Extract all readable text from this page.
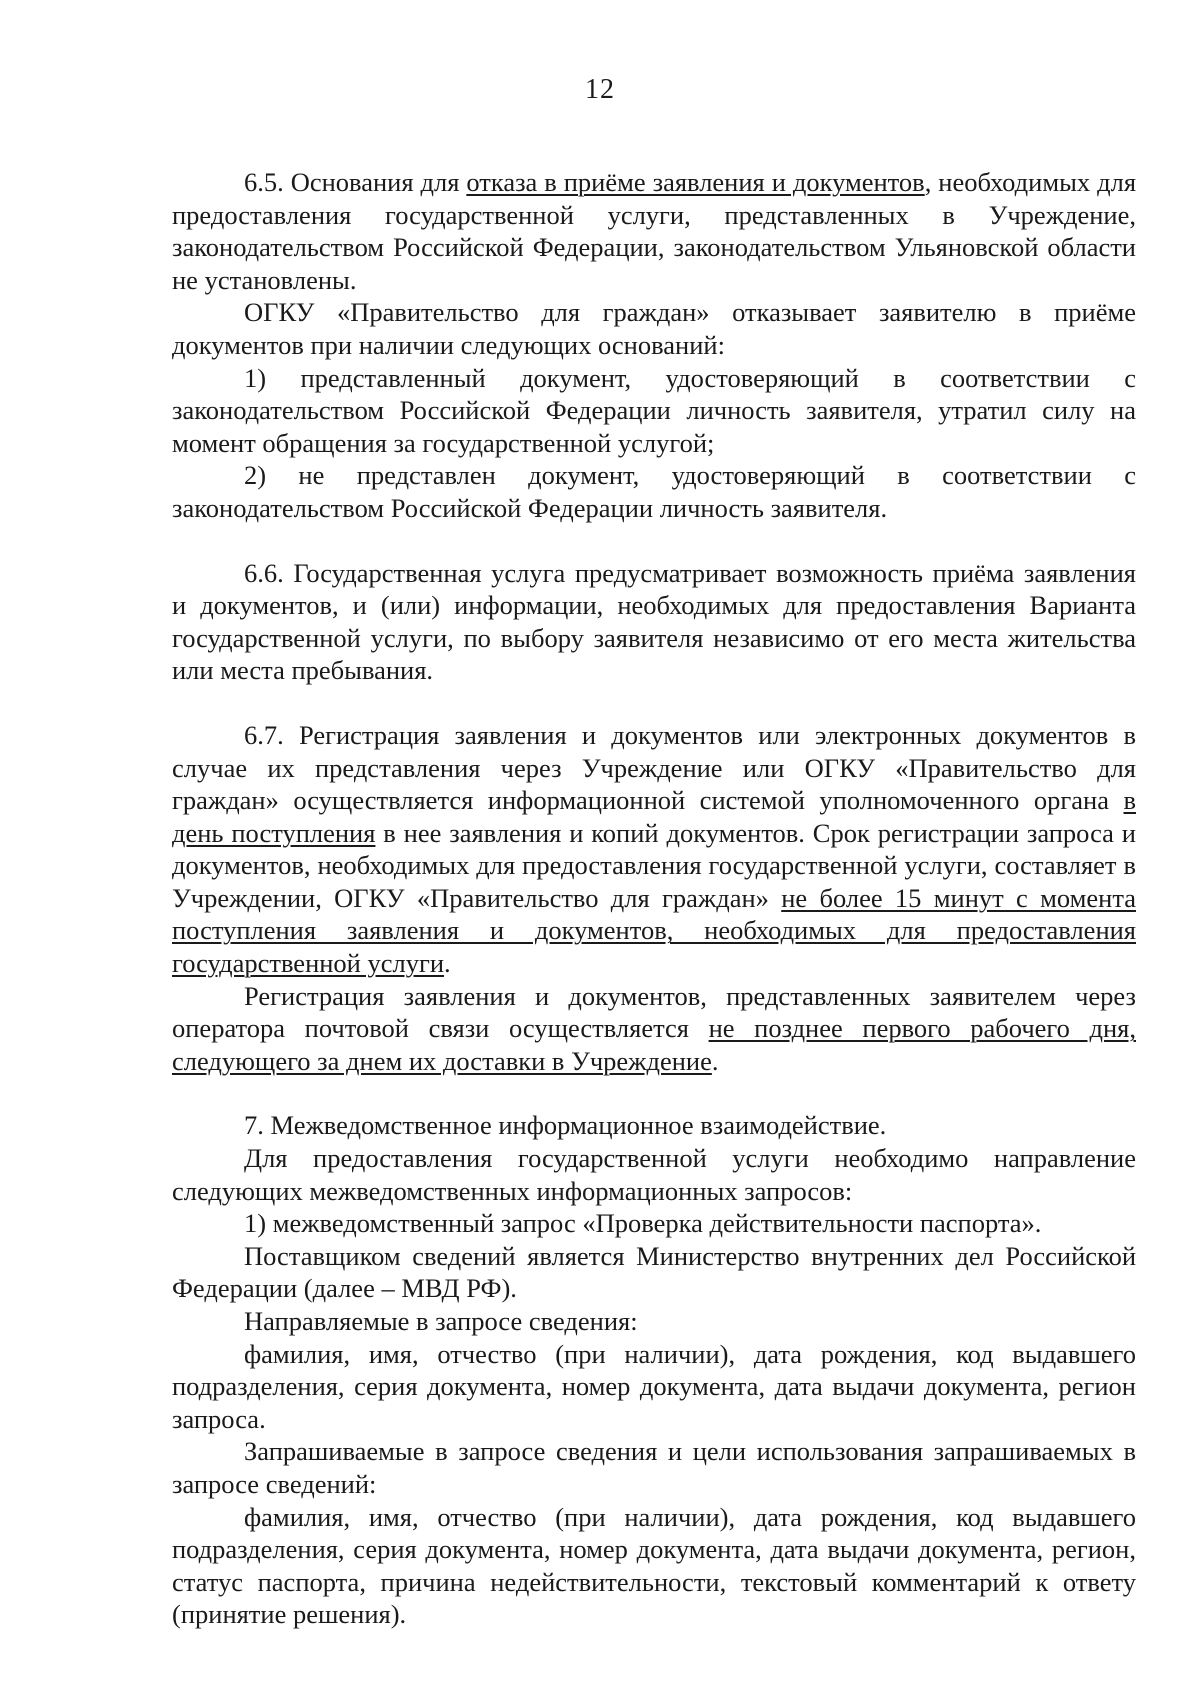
12

6.5. Основания для отказа в приёме заявления и документов, необходимых для предоставления государственной услуги, представленных в Учреждение, законодательством Российской Федерации, законодательством Ульяновской области не установлены.

ОГКУ «Правительство для граждан» отказывает заявителю в приёме документов при наличии следующих оснований:

1) представленный документ, удостоверяющий в соответствии с законодательством Российской Федерации личность заявителя, утратил силу на момент обращения за государственной услугой;

2) не представлен документ, удостоверяющий в соответствии с законодательством Российской Федерации личность заявителя.

6.6. Государственная услуга предусматривает возможность приёма заявления и документов, и (или) информации, необходимых для предоставления Варианта государственной услуги, по выбору заявителя независимо от его места жительства или места пребывания.

6.7. Регистрация заявления и документов или электронных документов в случае их представления через Учреждение или ОГКУ «Правительство для граждан» осуществляется информационной системой уполномоченного органа в день поступления в нее заявления и копий документов. Срок регистрации запроса и документов, необходимых для предоставления государственной услуги, составляет в Учреждении, ОГКУ «Правительство для граждан» не более 15 минут с момента поступления заявления и документов, необходимых для предоставления государственной услуги.

Регистрация заявления и документов, представленных заявителем через оператора почтовой связи осуществляется не позднее первого рабочего дня, следующего за днем их доставки в Учреждение.

7. Межведомственное информационное взаимодействие.

Для предоставления государственной услуги необходимо направление следующих межведомственных информационных запросов:

1) межведомственный запрос «Проверка действительности паспорта».

Поставщиком сведений является Министерство внутренних дел Российской Федерации (далее – МВД РФ).

Направляемые в запросе сведения:

фамилия, имя, отчество (при наличии), дата рождения, код выдавшего подразделения, серия документа, номер документа, дата выдачи документа, регион запроса.

Запрашиваемые в запросе сведения и цели использования запрашиваемых в запросе сведений:

фамилия, имя, отчество (при наличии), дата рождения, код выдавшего подразделения, серия документа, номер документа, дата выдачи документа, регион, статус паспорта, причина недействительности, текстовый комментарий к ответу (принятие решения).
